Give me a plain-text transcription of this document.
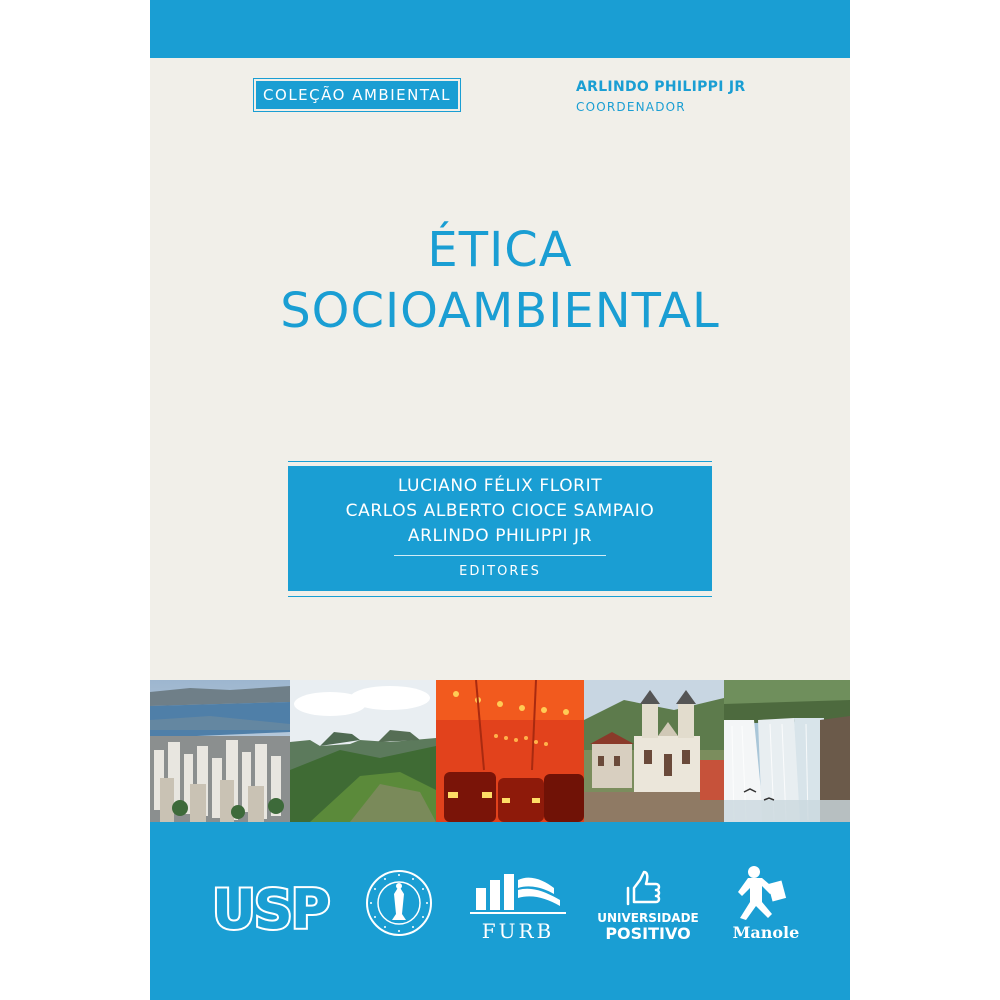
COLEÇÃO AMBIENTAL	ARLINDO PHILIPPI JR
COORDENADOR
ÉTICA
SOCIOAMBIENTAL
LUCIANO FÉLIX FLORIT
CARLOS ALBERTO CIOCE SAMPAIO
ARLINDO PHILIPPI JR
EDITORES
USP	FURB
UNIVERSIDADE
POSITIVO	Manole
